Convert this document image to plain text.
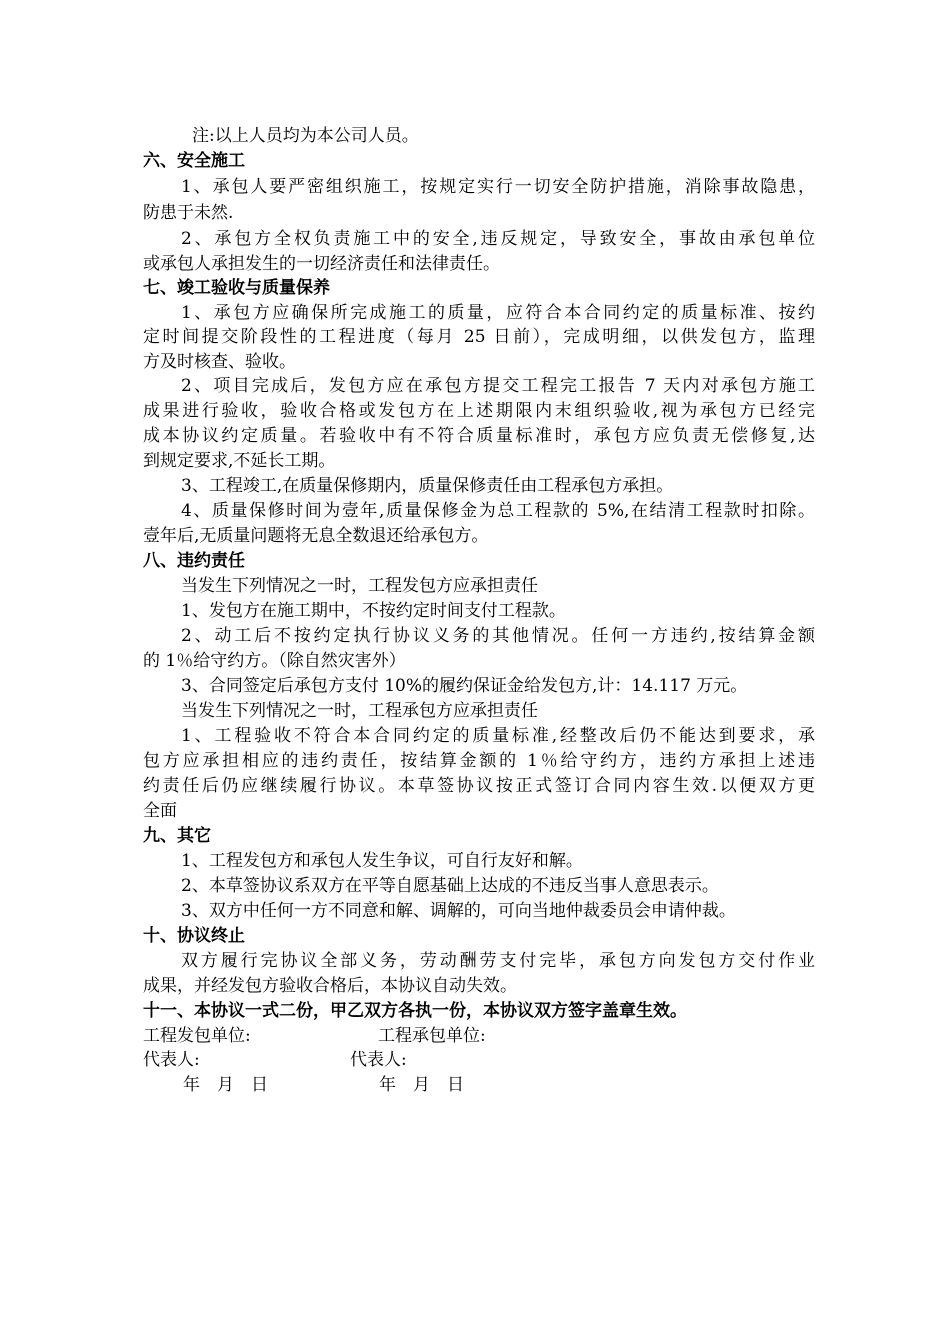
注:以上人员均为本公司人员。
六、安全施工
1、承包人要严密组织施工，按规定实行一切安全防护措施，消除事故隐患，
防患于未然.
2、承包方全权负责施工中的安全,违反规定，导致安全，事故由承包单位
或承包人承担发生的一切经济责任和法律责任。
七、竣工验收与质量保养
1、承包方应确保所完成施工的质量，应符合本合同约定的质量标准、按约
定时间提交阶段性的工程进度（每月 25 日前），完成明细，以供发包方，监理
方及时核查、验收。
2、项目完成后，发包方应在承包方提交工程完工报告 7 天内对承包方施工
成果进行验收，验收合格或发包方在上述期限内末组织验收,视为承包方已经完
成本协议约定质量。若验收中有不符合质量标准时，承包方应负责无偿修复,达
到规定要求,不延长工期。
3、工程竣工,在质量保修期内，质量保修责任由工程承包方承担。
4、质量保修时间为壹年,质量保修金为总工程款的 5%,在结清工程款时扣除。
壹年后,无质量问题将无息全数退还给承包方。
八、违约责任
当发生下列情况之一时，工程发包方应承担责任
1、发包方在施工期中，不按约定时间支付工程款。
2、动工后不按约定执行协议义务的其他情况。任何一方违约,按结算金额
的 1％给守约方。（除自然灾害外）
3、合同签定后承包方支付 10%的履约保证金给发包方,计：14.117 万元。
当发生下列情况之一时，工程承包方应承担责任
1、工程验收不符合本合同约定的质量标准,经整改后仍不能达到要求，承
包方应承担相应的违约责任，按结算金额的 1％给守约方，违约方承担上述违
约责任后仍应继续履行协议。本草签协议按正式签订合同内容生效.以便双方更
全面
九、其它
1、工程发包方和承包人发生争议，可自行友好和解。
2、本草签协议系双方在平等自愿基础上达成的不违反当事人意思表示。
3、双方中任何一方不同意和解、调解的，可向当地仲裁委员会申请仲裁。
十、协议终止
双方履行完协议全部义务，劳动酬劳支付完毕，承包方向发包方交付作业
成果，并经发包方验收合格后，本协议自动失效。
十一、本协议一式二份，甲乙双方各执一份，本协议双方签字盖章生效。
工程发包单位:	工程承包单位:
代表人:	代表人:
年　月　日	年　月　日
